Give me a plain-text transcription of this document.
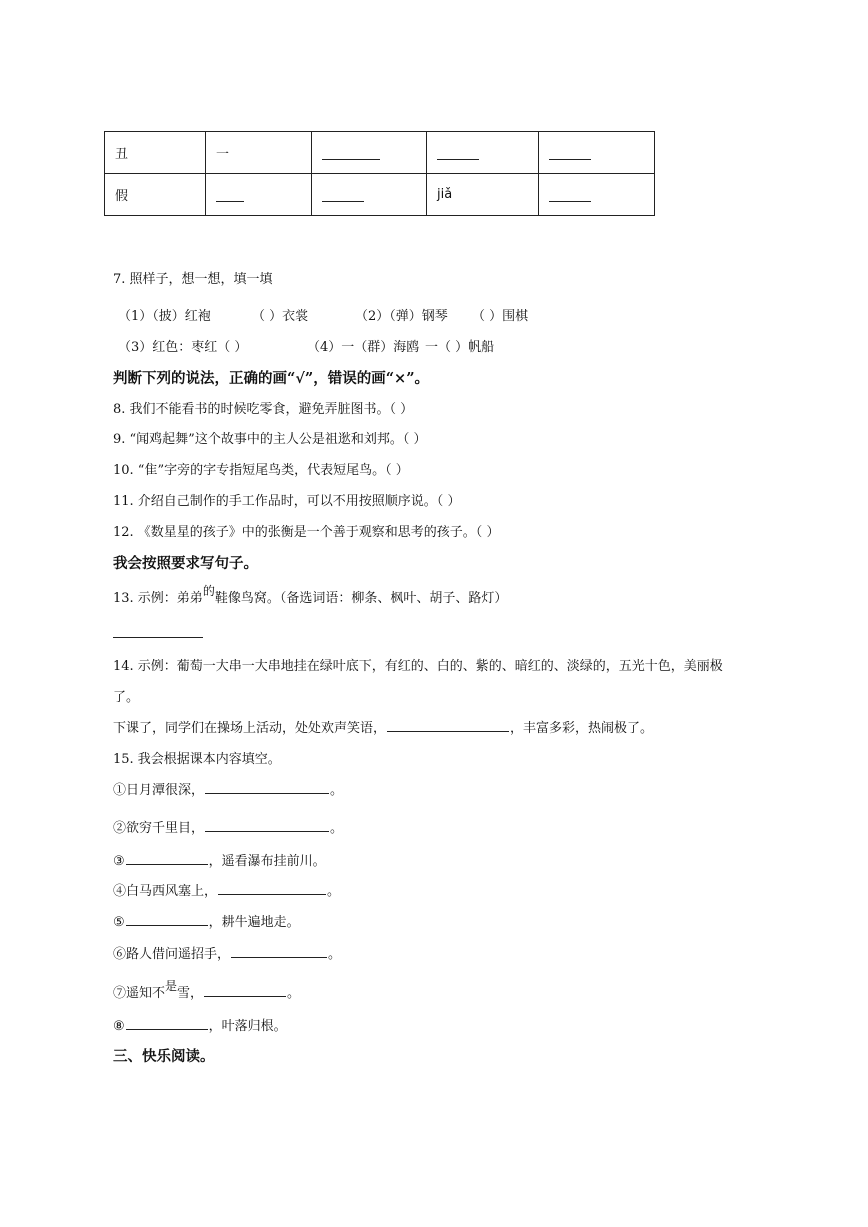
丑	一			
假			jiǎ	
7. 照样子，想一想，填一填
（1）（披）红袍	（ ）衣裳	（2）（弹）钢琴 （ ）围棋
（3）红色：枣红（ ）	（4）一（群）海鸥 一（ ）帆船
判断下列的说法，正确的画“√”，错误的画“×”。
8. 我们不能看书的时候吃零食，避免弄脏图书。（ ）
9. “闻鸡起舞”这个故事中的主人公是祖逖和刘邦。（ ）
10. “隹”字旁的字专指短尾鸟类，代表短尾鸟。（ ）
11. 介绍自己制作的手工作品时，可以不用按照顺序说。（ ）
12. 《数星星的孩子》中的张衡是一个善于观察和思考的孩子。（ ）
我会按照要求写句子。
13. 示例：弟弟的鞋像鸟窝。（备选词语：柳条、枫叶、胡子、路灯）
14. 示例：葡萄一大串一大串地挂在绿叶底下，有红的、白的、紫的、暗红的、淡绿的，五光十色，美丽极
了。
下课了，同学们在操场上活动，处处欢声笑语，	，丰富多彩，热闹极了。
15. 我会根据课本内容填空。
①日月潭很深，	。
②欲穷千里目，	。
③	，遥看瀑布挂前川。
④白马西风塞上，	。
⑤	，耕牛遍地走。
⑥路人借问遥招手，	。
⑦遥知不是雪，	。
⑧	，叶落归根。
三、快乐阅读。
